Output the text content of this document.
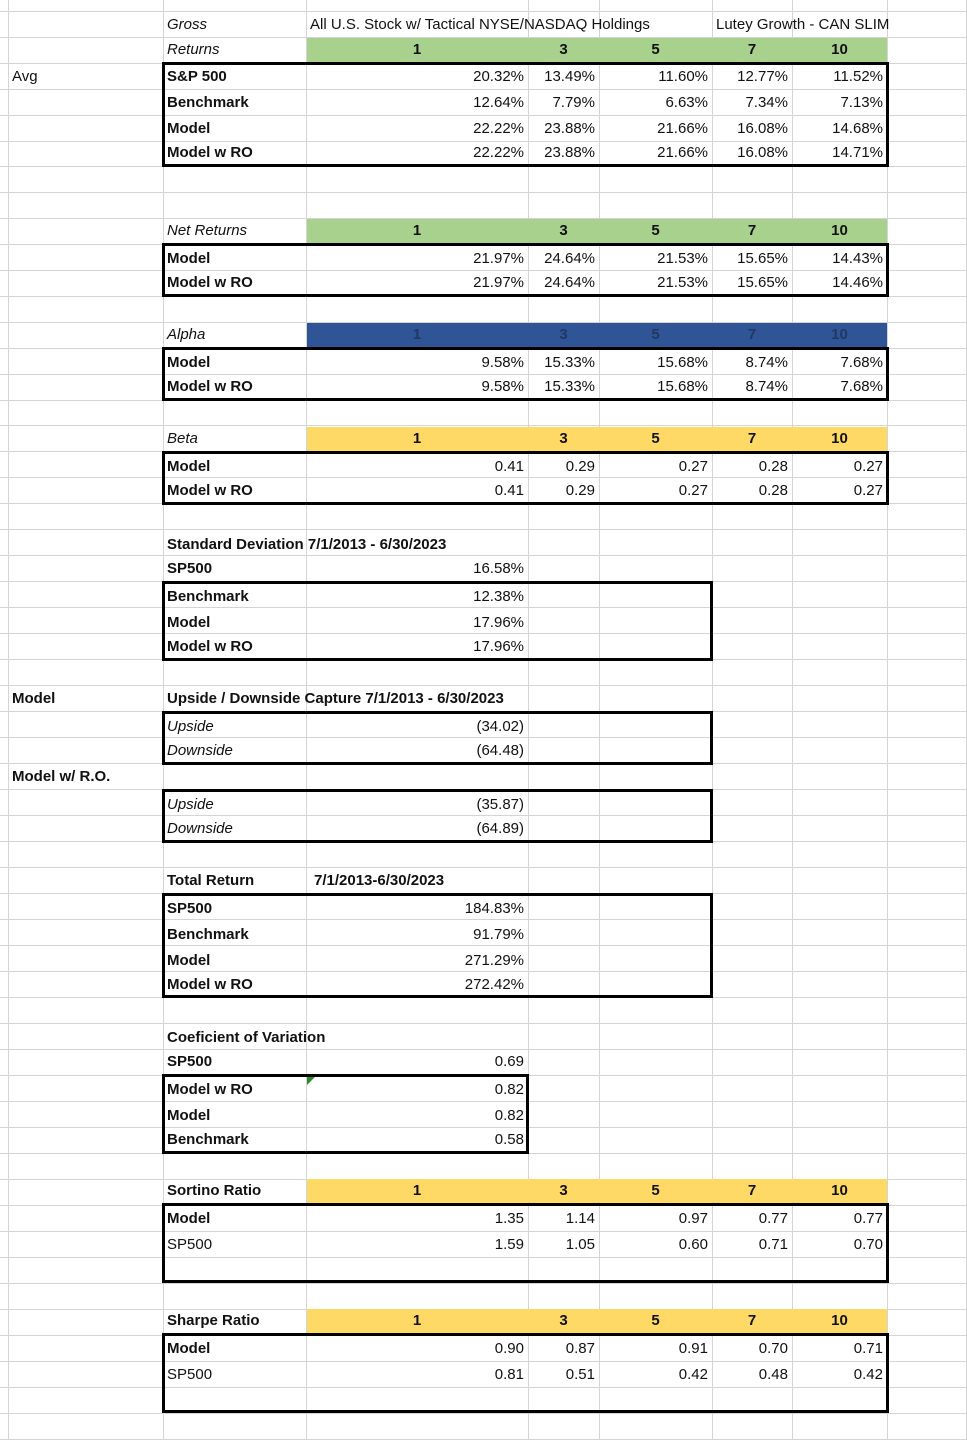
Gross	All U.S. Stock w/ Tactical NYSE/NASDAQ Holdings	Lutey Growth - CAN SLIM
Returns	1	3	5	7	10
Avg	S&P 500	20.32%	13.49%	11.60%	12.77%	11.52%
Benchmark	12.64%	7.79%	6.63%	7.34%	7.13%
Model	22.22%	23.88%	21.66%	16.08%	14.68%
Model w RO	22.22%	23.88%	21.66%	16.08%	14.71%
Net Returns	1	3	5	7	10
Model	21.97%	24.64%	21.53%	15.65%	14.43%
Model w RO	21.97%	24.64%	21.53%	15.65%	14.46%
Alpha	1	3	5	7	10
Model	9.58%	15.33%	15.68%	8.74%	7.68%
Model w RO	9.58%	15.33%	15.68%	8.74%	7.68%
Beta	1	3	5	7	10
Model	0.41	0.29	0.27	0.28	0.27
Model w RO	0.41	0.29	0.27	0.28	0.27
Standard Deviation 7/1/2013 - 6/30/2023
SP500	16.58%
Benchmark	12.38%
Model	17.96%
Model w RO	17.96%
Model	Upside / Downside Capture 7/1/2013 - 6/30/2023
Upside	(34.02)
Downside	(64.48)
Model w/ R.O.
Upside	(35.87)
Downside	(64.89)
Total Return	7/1/2013-6/30/2023
SP500	184.83%
Benchmark	91.79%
Model	271.29%
Model w RO	272.42%
Coeficient of Variation
SP500	0.69
Model w RO	0.82
Model	0.82
Benchmark	0.58
Sortino Ratio	1	3	5	7	10
Model	1.35	1.14	0.97	0.77	0.77
SP500	1.59	1.05	0.60	0.71	0.70
Sharpe Ratio	1	3	5	7	10
Model	0.90	0.87	0.91	0.70	0.71
SP500	0.81	0.51	0.42	0.48	0.42
